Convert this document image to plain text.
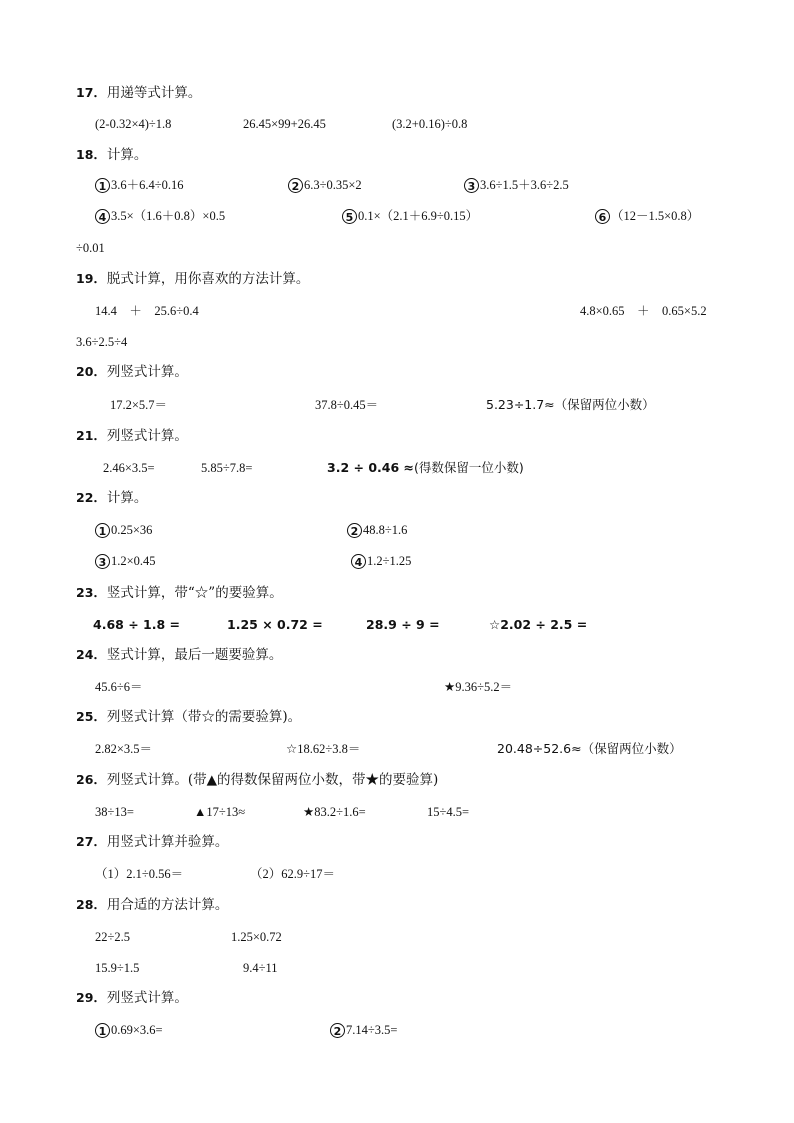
17．用递等式计算。
(2-0.32×4)÷1.8	26.45×99+26.45	(3.2+0.16)÷0.8
18．计算。
1 3.6＋6.4÷0.16	2 6.3÷0.35×2	3 3.6÷1.5＋3.6÷2.5
4 3.5×（1.6＋0.8）×0.5	5 0.1×（2.1＋6.9÷0.15）	6 （12－1.5×0.8）
÷0.01
19．脱式计算，用你喜欢的方法计算。
14.4　＋　25.6÷0.4	4.8×0.65　＋　0.65×5.2
3.6÷2.5÷4
20．列竖式计算。
17.2×5.7＝	37.8÷0.45＝	5.23÷1.7≈（保留两位小数）
21．列竖式计算。
2.46×3.5=	5.85÷7.8=	3.2 ÷ 0.46 ≈(得数保留一位小数)
22．计算。
1 0.25×36	2 48.8÷1.6
3 1.2×0.45	4 1.2÷1.25
23．竖式计算，带“☆”的要验算。
4.68 ÷ 1.8 =	1.25 × 0.72 =	28.9 ÷ 9 =	☆2.02 ÷ 2.5 =
24．竖式计算，最后一题要验算。
45.6÷6＝	★9.36÷5.2＝
25．列竖式计算（带☆的需要验算)。
2.82×3.5＝	☆18.62÷3.8＝	20.48÷52.6≈（保留两位小数）
26．列竖式计算。(带▲的得数保留两位小数，带★的要验算)
38÷13=	▲17÷13≈	★83.2÷1.6=	15÷4.5=
27．用竖式计算并验算。
（1）2.1÷0.56＝	（2）62.9÷17＝
28．用合适的方法计算。
22÷2.5	1.25×0.72
15.9÷1.5	9.4÷11
29．列竖式计算。
1 0.69×3.6=	2 7.14÷3.5=
